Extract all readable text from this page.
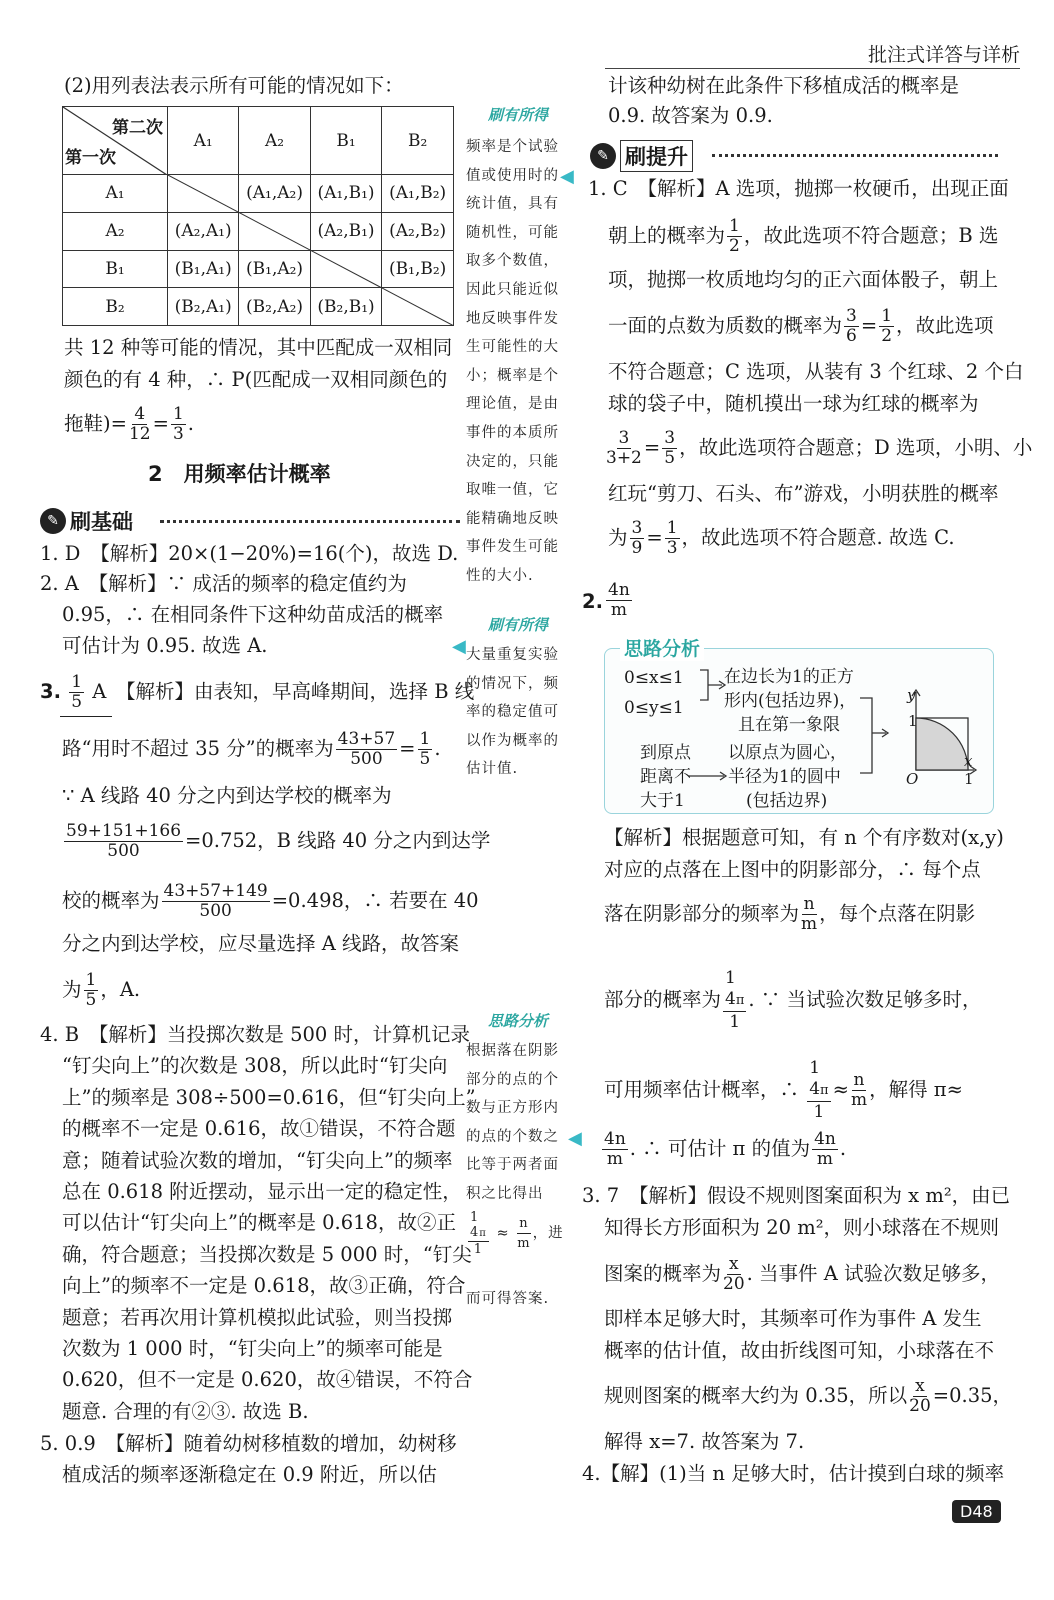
批注式详答与详析
(2)用列表法表示所有可能的情况如下：
第二次
第一次	A₁	A₂	B₁	B₂
A₁		(A₁,A₂)	(A₁,B₁)	(A₁,B₂)
A₂	(A₂,A₁)		(A₂,B₁)	(A₂,B₂)
B₁	(B₁,A₁)	(B₁,A₂)		(B₁,B₂)
B₂	(B₂,A₁)	(B₂,A₂)	(B₂,B₁)	
共 12 种等可能的情况，其中匹配成一双相同
颜色的有 4 种，∴ P(匹配成一双相同颜色的
拖鞋)= $\frac{4}{12} = \frac{1}{3}$ .
2　用频率估计概率
✎ 刷基础
1. D　【解析】20×(1−20%)=16(个)，故选 D.
2. A　【解析】∵ 成活的频率的稳定值约为
0.95，∴ 在相同条件下这种幼苗成活的概率
可估计为 0.95. 故选 A.
3. $\frac{1}{5}$ A　【解析】由表知，早高峰期间，选择 B 线
路“用时不超过 35 分”的概率为 $\frac{43+57}{500} = \frac{1}{5}$ .
∵ A 线路 40 分之内到达学校的概率为
$\frac{59+151+166}{500} =0.752$，B 线路 40 分之内到达学
校的概率为 $\frac{43+57+149}{500} =0.498$，∴ 若要在 40
分之内到达学校，应尽量选择 A 线路，故答案
为 $\frac{1}{5}$ ，A.
4. B　【解析】当投掷次数是 500 时，计算机记录
“钉尖向上”的次数是 308，所以此时“钉尖向
上”的频率是 308÷500=0.616，但“钉尖向上”
的概率不一定是 0.616，故①错误，不符合题
意；随着试验次数的增加，“钉尖向上”的频率
总在 0.618 附近摆动，显示出一定的稳定性，
可以估计“钉尖向上”的概率是 0.618，故②正
确，符合题意；当投掷次数是 5 000 时，“钉尖
向上”的频率不一定是 0.618，故③正确，符合
题意；若再次用计算机模拟此试验，则当投掷
次数为 1 000 时，“钉尖向上”的频率可能是
0.620，但不一定是 0.620，故④错误，不符合
题意. 合理的有②③. 故选 B.
5. 0.9　【解析】随着幼树移植数的增加，幼树移
植成活的频率逐渐稳定在 0.9 附近，所以估
刷有所得
频率是个试验
值或使用时的
统计值，具有
随机性，可能
取多个数值，
因此只能近似
地反映事件发
生可能性的大
小；概率是个
理论值，是由
事件的本质所
决定的，只能
取唯一值，它
能精确地反映
事件发生可能
性的大小.
◀
刷有所得
◀ 大量重复实验
的情况下，频
率的稳定值可
以作为概率的
估计值.
思路分析
◀
根据落在阴影
部分的点的个
数与正方形内
的点的个数之
比等于两者面
积之比得出
1
4π
1
≈ $\frac{n}{m}$ ，进
而可得答案.
计该种幼树在此条件下移植成活的概率是
0.9. 故答案为 0.9.
✎ 刷提升
1. C　【解析】A 选项，抛掷一枚硬币，出现正面
朝上的概率为 $\frac{1}{2}$ ，故此选项不符合题意；B 选
项，抛掷一枚质地均匀的正六面体骰子，朝上
一面的点数为质数的概率为 $\frac{3}{6} = \frac{1}{2}$ ，故此选项
不符合题意；C 选项，从装有 3 个红球、2 个白
球的袋子中，随机摸出一球为红球的概率为
$\frac{3}{3+2} = \frac{3}{5}$ ，故此选项符合题意；D 选项，小明、小
红玩“剪刀、石头、布”游戏，小明获胜的概率
为 $\frac{3}{9} = \frac{1}{3}$ ，故此选项不符合题意. 故选 C.
2. $\frac{4n}{m}$
思路分析
0≤x≤1
0≤y≤1
在边长为1的正方
形内(包括边界)，
且在第一象限
到原点
距离不
大于1
以原点为圆心，
半径为1的圆中
(包括边界)
y
x
O	1
1
【解析】根据题意可知，有 n 个有序数对(x,y)
对应的点落在上图中的阴影部分，∴ 每个点
落在阴影部分的频率为 $\frac{n}{m}$ ，每个点落在阴影
部分的概率为
1
4π
1
. ∵ 当试验次数足够多时，
可用频率估计概率，∴
1
4π
1
≈ $\frac{n}{m}$ ，解得 π≈
$\frac{4n}{m}$ . ∴ 可估计 π 的值为 $\frac{4n}{m}$ .
3. 7　【解析】假设不规则图案面积为 x m²，由已
知得长方形面积为 20 m²，则小球落在不规则
图案的概率为 $\frac{x}{20}$ . 当事件 A 试验次数足够多，
即样本足够大时，其频率可作为事件 A 发生
概率的估计值，故由折线图可知，小球落在不
规则图案的概率大约为 0.35，所以 $\frac{x}{20} =0.35$，
解得 x=7. 故答案为 7.
4.【解】(1)当 n 足够大时，估计摸到白球的频率
D48
